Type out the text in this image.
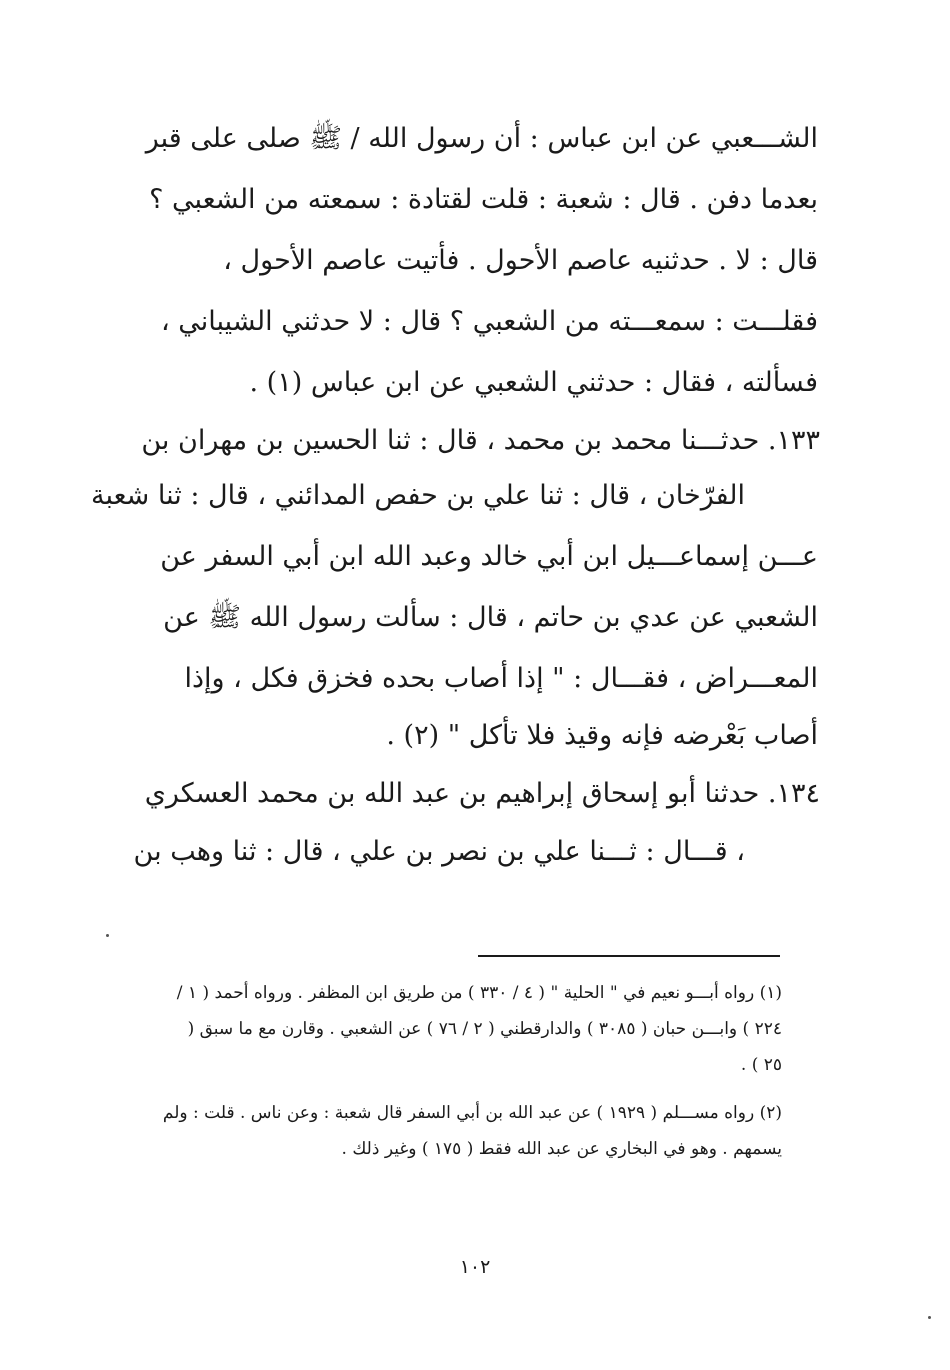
الشـــعبي عن ابن عباس : أن رسول الله / ﷺ صلى على قبر
بعدما دفن . قال : شعبة : قلت لقتادة : سمعته من الشعبي ؟
قال : لا . حدثنيه عاصم الأحول . فأتيت عاصم الأحول ،
فقلـــت : سمعـــته من الشعبي ؟ قال : لا حدثني الشيباني ،
فسألته ، فقال : حدثني الشعبي عن ابن عباس (١) .
١٣٣. حدثـــنا محمد بن محمد ، قال : ثنا الحسين بن مهران بن
الفرّخان ، قال : ثنا علي بن حفص المدائني ، قال : ثنا شعبة
عـــن إسماعـــيل ابن أبي خالد وعبد الله ابن أبي السفر عن
الشعبي عن عدي بن حاتم ، قال : سألت رسول الله ﷺ عن
المعـــراض ، فقـــال : " إذا أصاب بحده فخزق فكل ، وإذا
أصاب بَعْرضه فإنه وقيذ فلا تأكل " (٢) .
١٣٤. حدثنا أبو إسحاق إبراهيم بن عبد الله بن محمد العسكري
، قـــال : ثـــنا علي بن نصر بن علي ، قال : ثنا وهب بن
(١) رواه أبـــو نعيم في " الحلية " ( ٤ / ٣٣٠ ) من طريق ابن المظفر . ورواه أحمد ( ١ /
٢٢٤ ) وابـــن حبان ( ٣٠٨٥ ) والدارقطني ( ٢ / ٧٦ ) عن الشعبي . وقارن مع ما سبق (
٢٥ ) .
(٢) رواه مســـلم ( ١٩٢٩ ) عن عبد الله بن أبي السفر قال شعبة : وعن ناس . قلت : ولم
يسمهم . وهو في البخاري عن عبد الله فقط ( ١٧٥ ) وغير ذلك .
١٠٢
